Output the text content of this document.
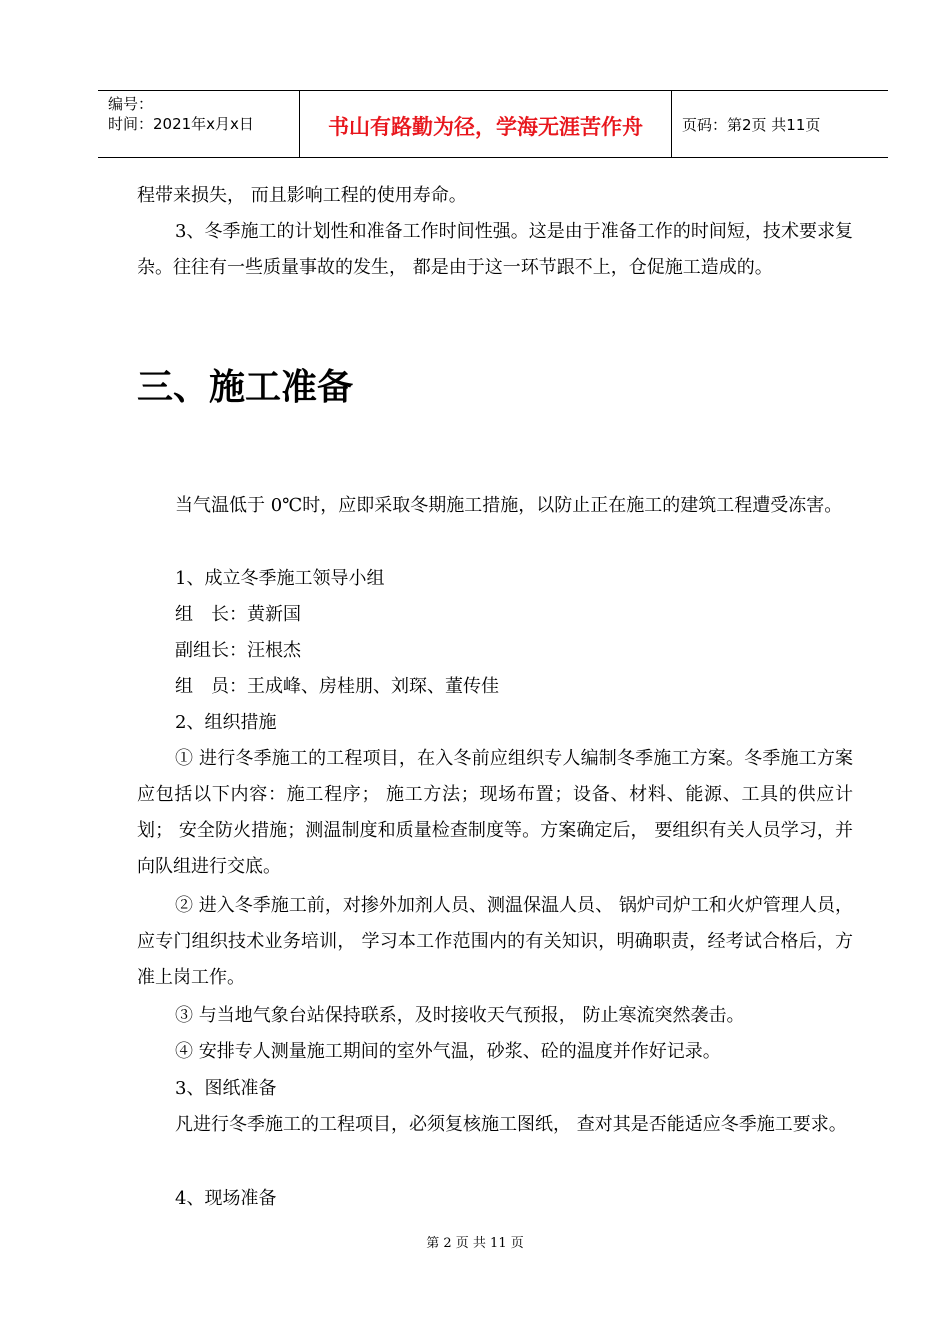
编号：
时间：2021年x月x日	书山有路勤为径，学海无涯苦作舟	页码：第2页 共11页

程带来损失， 而且影响工程的使用寿命。

3、冬季施工的计划性和准备工作时间性强。这是由于准备工作的时间短，技术要求复杂。往往有一些质量事故的发生， 都是由于这一环节跟不上，仓促施工造成的。

三、施工准备

当气温低于 0℃时，应即采取冬期施工措施，以防止正在施工的建筑工程遭受冻害。

1、成立冬季施工领导小组

组　长：黄新国

副组长：汪根杰

组　员：王成峰、房桂朋、刘琛、董传佳

2、组织措施

① 进行冬季施工的工程项目，在入冬前应组织专人编制冬季施工方案。冬季施工方案应包括以下内容：施工程序； 施工方法；现场布置；设备、材料、能源、工具的供应计划； 安全防火措施；测温制度和质量检查制度等。方案确定后， 要组织有关人员学习，并向队组进行交底。

② 进入冬季施工前，对掺外加剂人员、测温保温人员、 锅炉司炉工和火炉管理人员，应专门组织技术业务培训， 学习本工作范围内的有关知识，明确职责，经考试合格后，方准上岗工作。

③ 与当地气象台站保持联系，及时接收天气预报， 防止寒流突然袭击。

④ 安排专人测量施工期间的室外气温，砂浆、砼的温度并作好记录。

3、图纸准备

凡进行冬季施工的工程项目，必须复核施工图纸， 查对其是否能适应冬季施工要求。

4、现场准备

第 2 页 共 11 页
